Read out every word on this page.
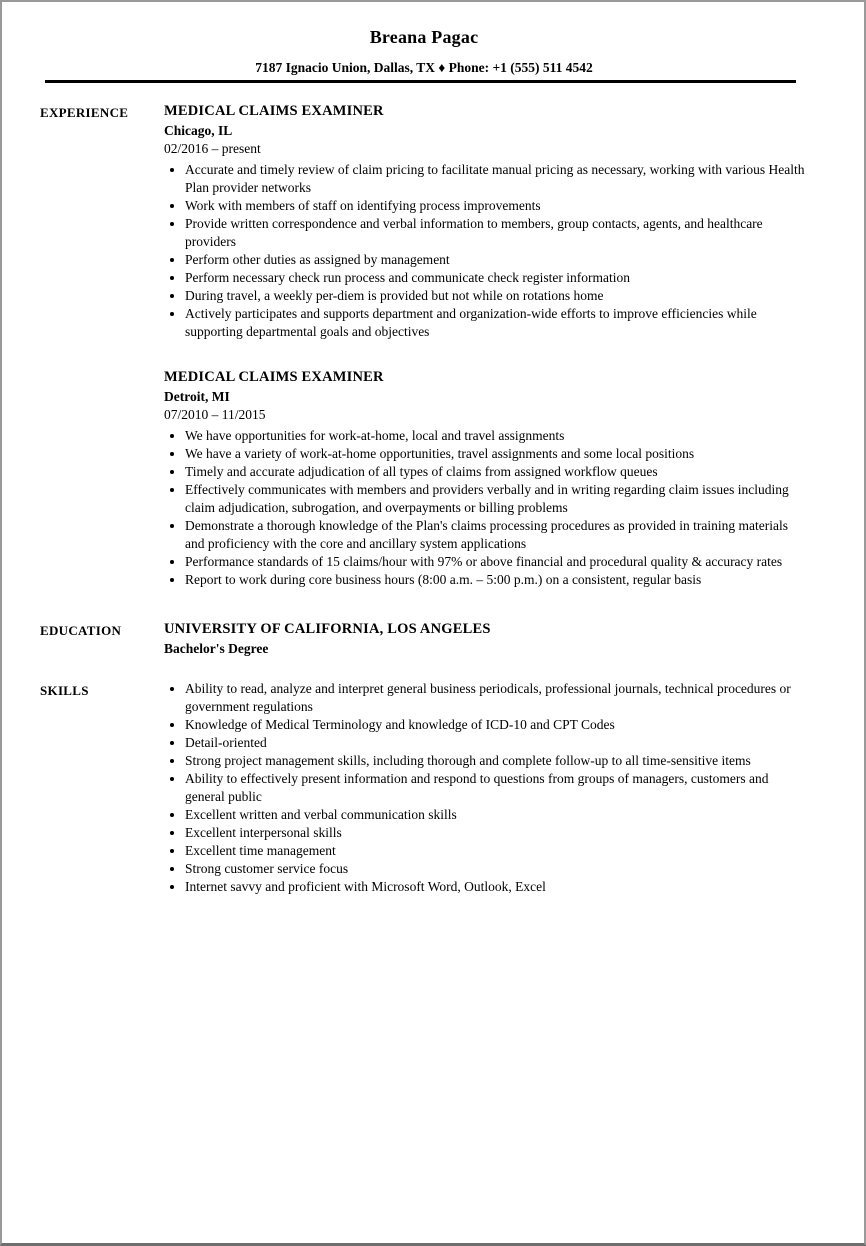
Breana Pagac
7187 Ignacio Union, Dallas, TX ♦ Phone: +1 (555) 511 4542
EXPERIENCE	MEDICAL CLAIMS EXAMINER
Chicago, IL
02/2016 – present
• Accurate and timely review of claim pricing to facilitate manual pricing as necessary, working with various Health Plan provider networks
• Work with members of staff on identifying process improvements
• Provide written correspondence and verbal information to members, group contacts, agents, and healthcare providers
• Perform other duties as assigned by management
• Perform necessary check run process and communicate check register information
• During travel, a weekly per-diem is provided but not while on rotations home
• Actively participates and supports department and organization-wide efforts to improve efficiencies while supporting departmental goals and objectives
MEDICAL CLAIMS EXAMINER
Detroit, MI
07/2010 – 11/2015
• We have opportunities for work-at-home, local and travel assignments
• We have a variety of work-at-home opportunities, travel assignments and some local positions
• Timely and accurate adjudication of all types of claims from assigned workflow queues
• Effectively communicates with members and providers verbally and in writing regarding claim issues including claim adjudication, subrogation, and overpayments or billing problems
• Demonstrate a thorough knowledge of the Plan's claims processing procedures as provided in training materials and proficiency with the core and ancillary system applications
• Performance standards of 15 claims/hour with 97% or above financial and procedural quality & accuracy rates
• Report to work during core business hours (8:00 a.m. – 5:00 p.m.) on a consistent, regular basis
EDUCATION	UNIVERSITY OF CALIFORNIA, LOS ANGELES
Bachelor's Degree
SKILLS	• Ability to read, analyze and interpret general business periodicals, professional journals, technical procedures or government regulations
• Knowledge of Medical Terminology and knowledge of ICD-10 and CPT Codes
• Detail-oriented
• Strong project management skills, including thorough and complete follow-up to all time-sensitive items
• Ability to effectively present information and respond to questions from groups of managers, customers and general public
• Excellent written and verbal communication skills
• Excellent interpersonal skills
• Excellent time management
• Strong customer service focus
• Internet savvy and proficient with Microsoft Word, Outlook, Excel
